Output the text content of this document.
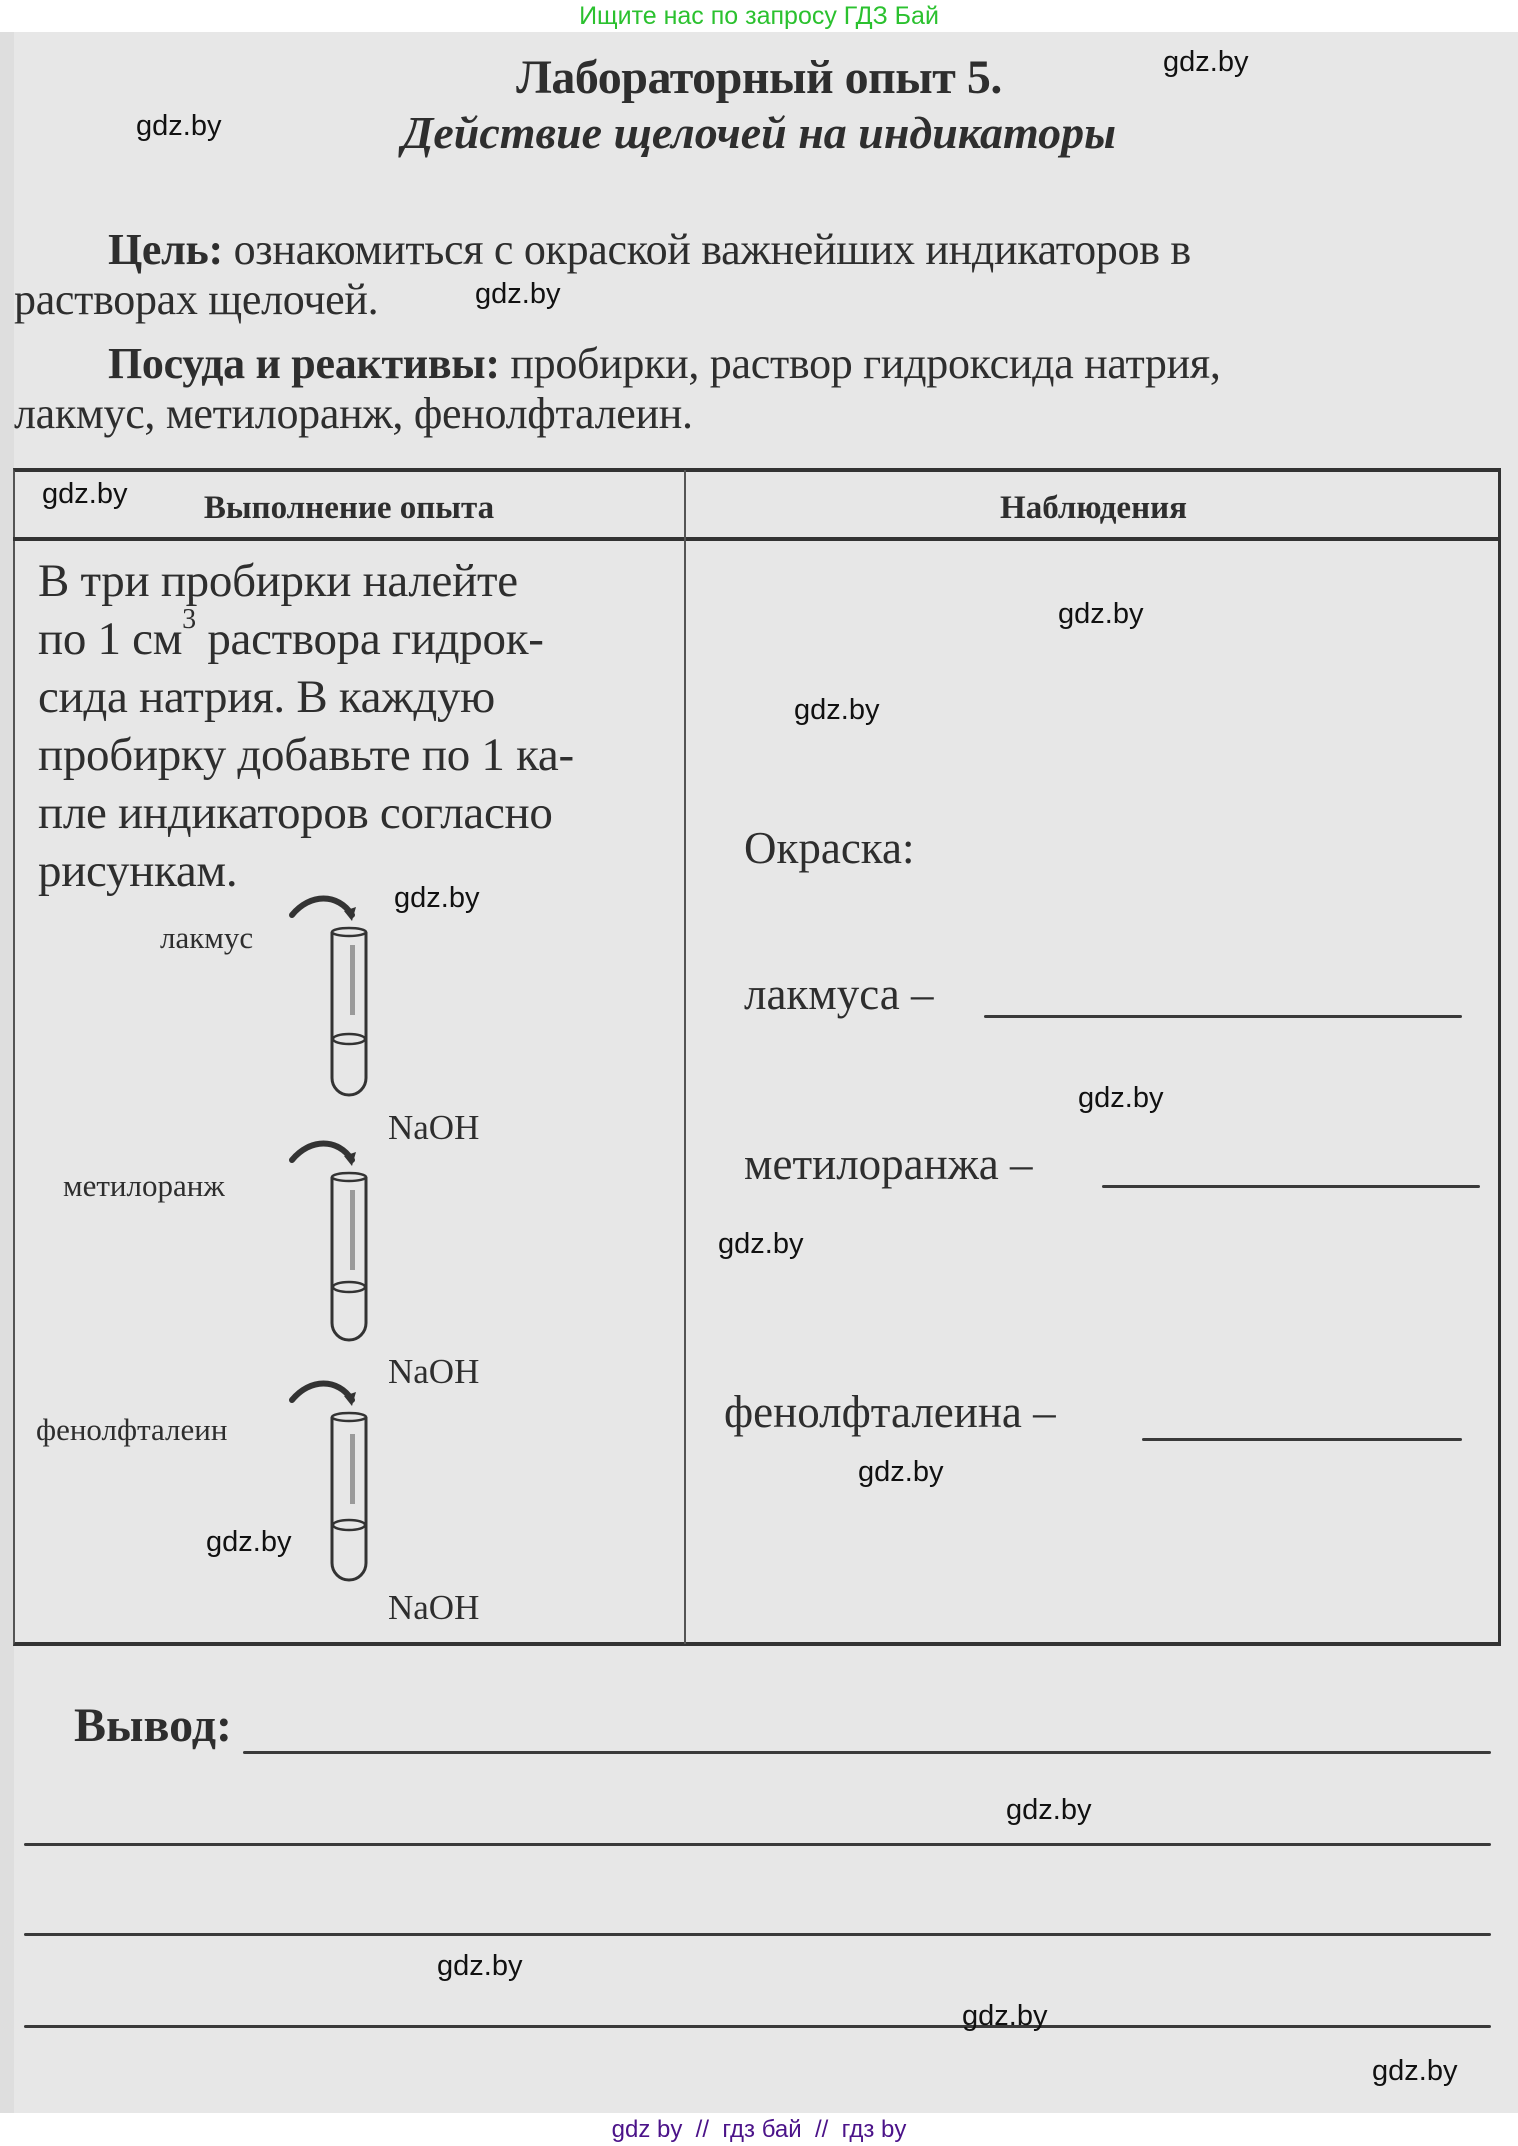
Ищите нас по запросу ГДЗ Бай
Лабораторный опыт 5.
Действие щелочей на индикаторы
Цель: ознакомиться с окраской важнейших индикаторов в
растворах щелочей.
Посуда и реактивы: пробирки, раствор гидроксида натрия,
лакмус, метилоранж, фенолфталеин.
Выполнение опыта	Наблюдения
В три пробирки налейте
по 1 $см^3$ раствора гидрок-
сида натрия. В каждую
пробирку добавьте по 1 ка-
пле индикаторов согласно
рисункам.
лакмус
NaOH
метилоранж
NaOH
фенолфталеин
NaOH
Окраска:
лакмуса –
метилоранжа –
фенолфталеина –
Вывод:
gdz.by
gdz.by
gdz.by
gdz.by
gdz.by
gdz.by
gdz.by
gdz.by
gdz.by
gdz.by
gdz.by
gdz.by
gdz.by
gdz.by
gdz.by
gdz by  //  гдз бай  //  гдз by
